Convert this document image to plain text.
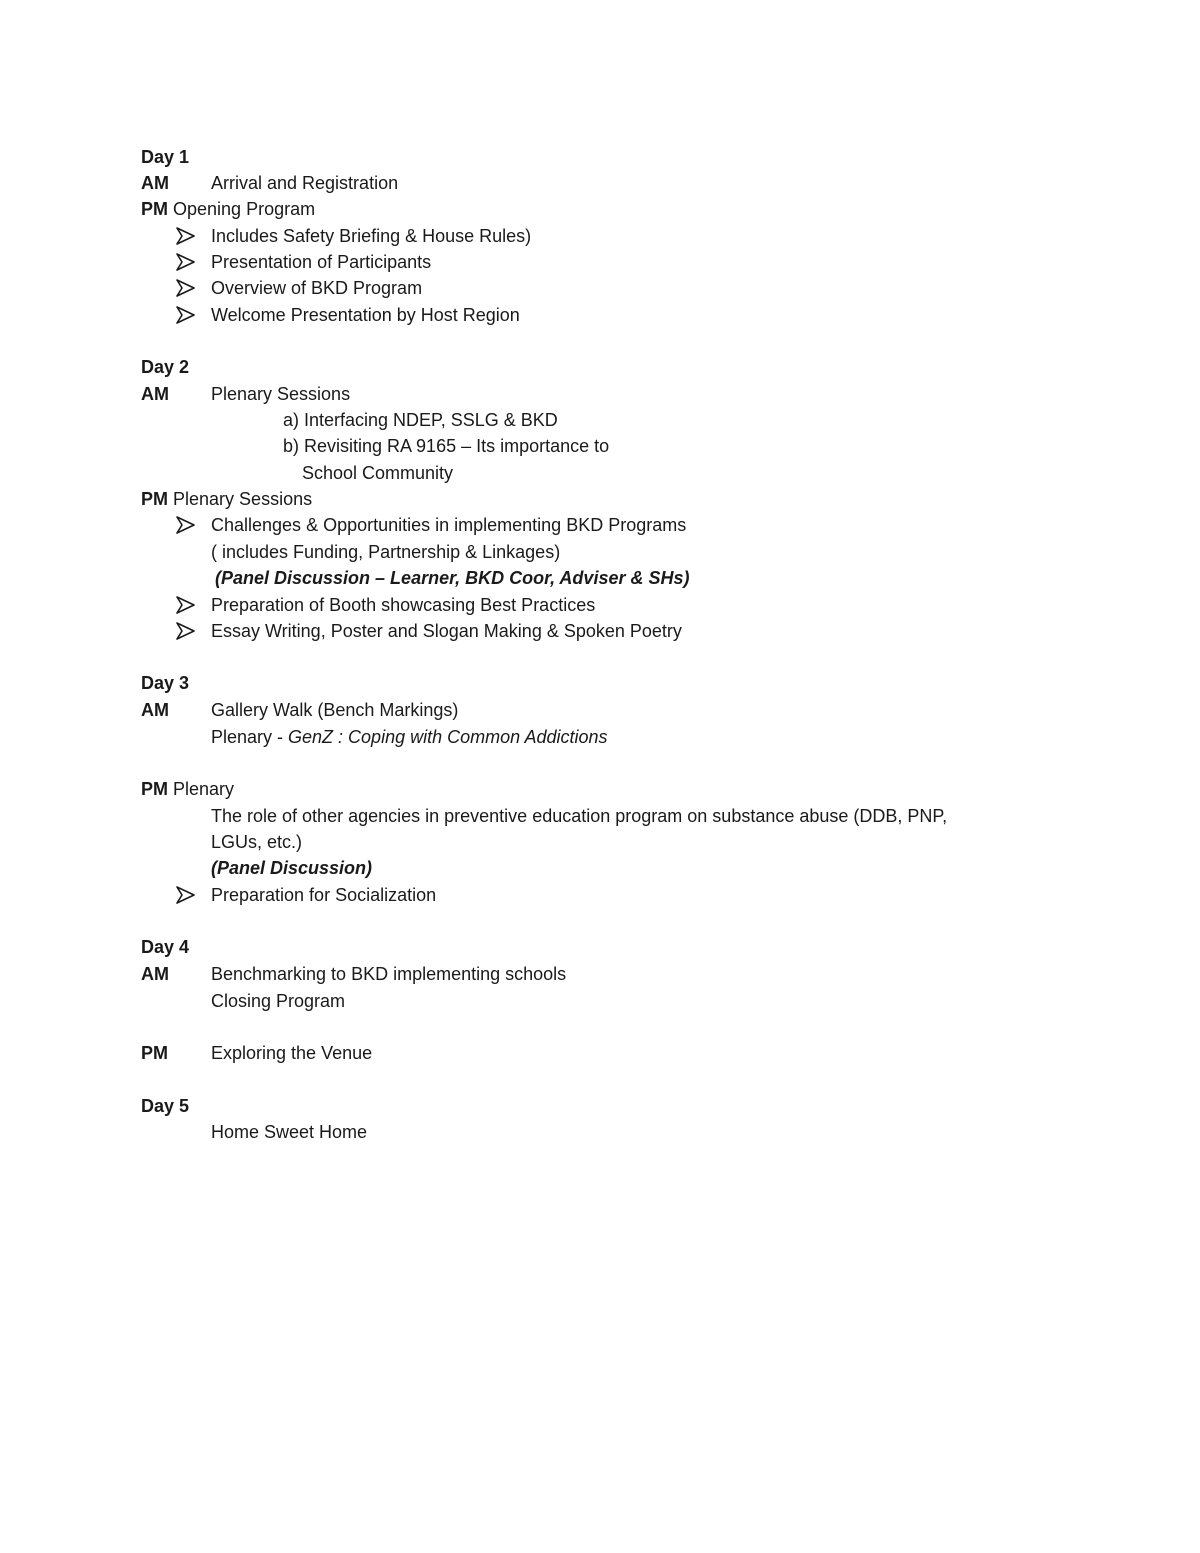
Day 1
AM Arrival and Registration
PM Opening Program
Includes Safety Briefing & House Rules)
Presentation of Participants
Overview of BKD Program
Welcome Presentation by Host Region
Day 2
AM Plenary Sessions
a) Interfacing NDEP, SSLG & BKD
b) Revisiting RA 9165 – Its importance to
School Community
PM Plenary Sessions
Challenges & Opportunities in implementing BKD Programs
( includes Funding, Partnership & Linkages)
(Panel Discussion – Learner, BKD Coor, Adviser & SHs)
Preparation of Booth showcasing Best Practices
Essay Writing, Poster and Slogan Making & Spoken Poetry
Day 3
AM Gallery Walk (Bench Markings)
Plenary - GenZ : Coping with Common Addictions
PM Plenary
The role of other agencies in preventive education program on substance abuse (DDB, PNP,
LGUs, etc.)
(Panel Discussion)
Preparation for Socialization
Day 4
AM Benchmarking to BKD implementing schools
Closing Program
PM Exploring the Venue
Day 5
Home Sweet Home
